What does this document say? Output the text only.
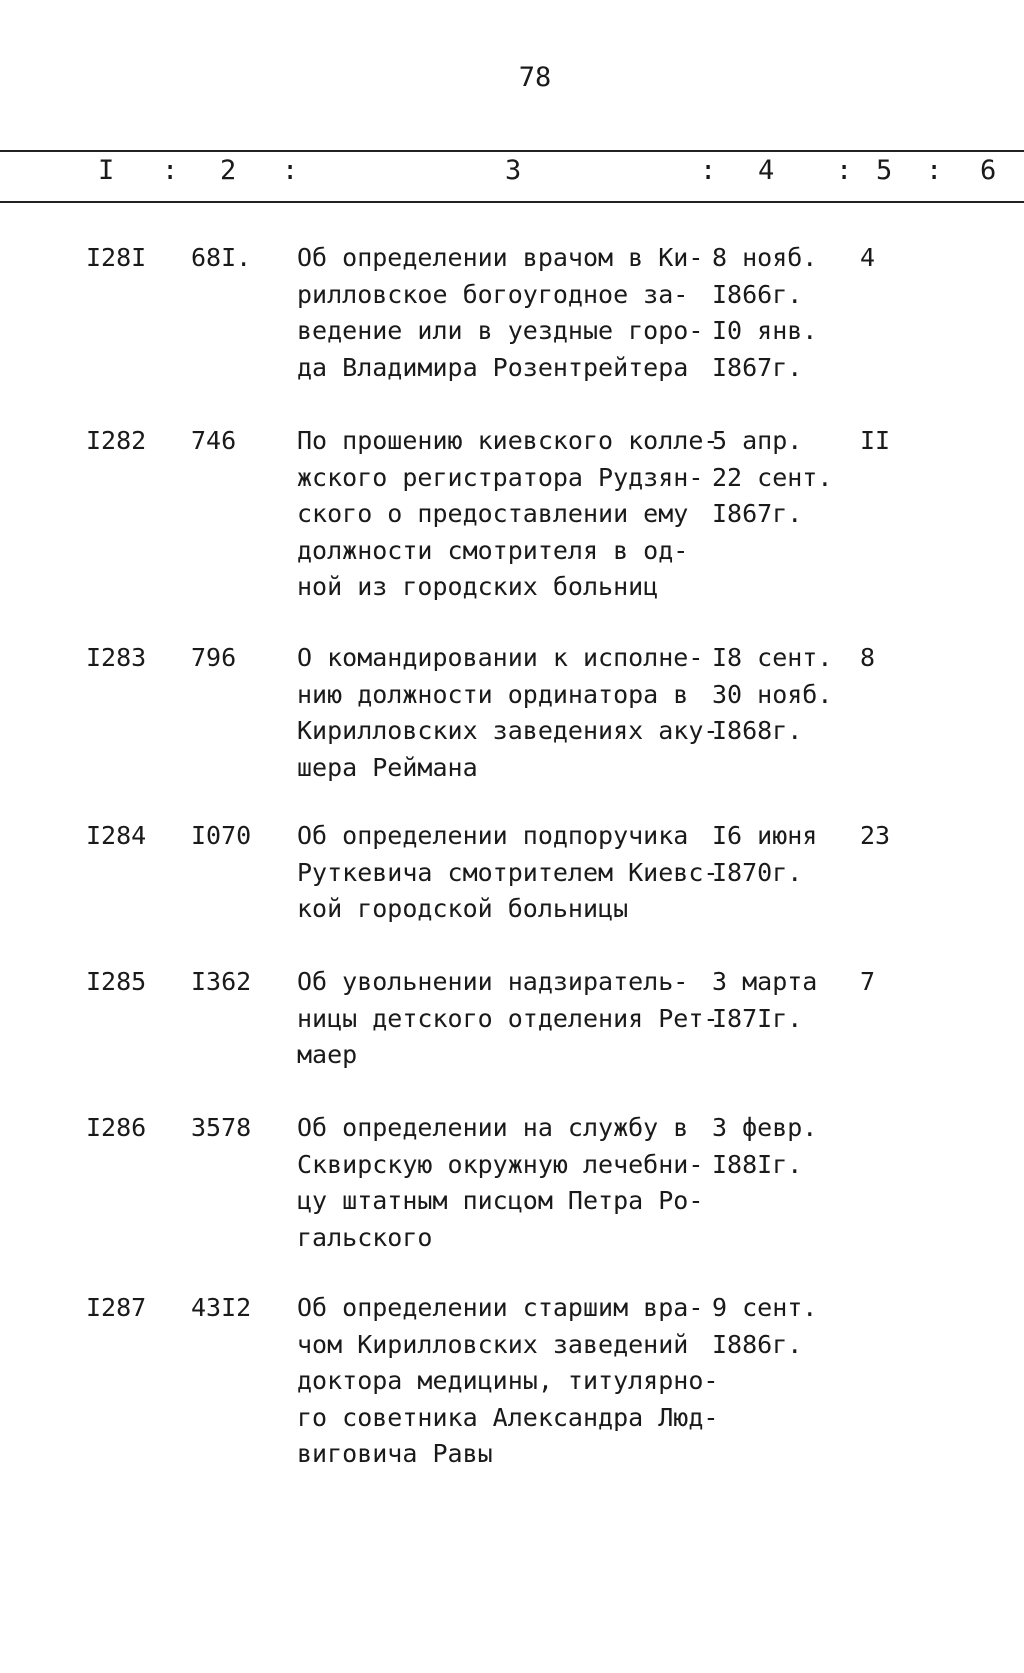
78
I : 2 :	3	: 4 : 5 : 6
I28I 68I. Об определении врачом в Ки-
рилловское богоугодное за-
ведение или в уездные горо-
да Владимира Розентрейтера
8 нояб.
I866г.
I0 янв.
I867г.
4
I282 746 По прошению киевского колле-
жского регистратора Рудзян-
ского о предоставлении ему
должности смотрителя в од-
ной из городских больниц
5 апр.
22 сент.
I867г.
II
I283 796 О командировании к исполне-
нию должности ординатора в
Кирилловских заведениях аку-
шера Реймана
I8 сент.
30 нояб.
I868г.
8
I284 I070 Об определении подпоручика
Руткевича смотрителем Киевс-
кой городской больницы
I6 июня
I870г.
23
I285 I362 Об увольнении надзиратель-
ницы детского отделения Рет-
маер
3 марта
I87Iг.
7
I286 3578 Об определении на службу в
Сквирскую окружную лечебни-
цу штатным писцом Петра Ро-
гальского
3 февр.
I88Iг.
I287 43I2 Об определении старшим вра-
чом Кирилловских заведений
доктора медицины, титулярно-
го советника Александра Люд-
виговича Равы
9 сент.
I886г.
